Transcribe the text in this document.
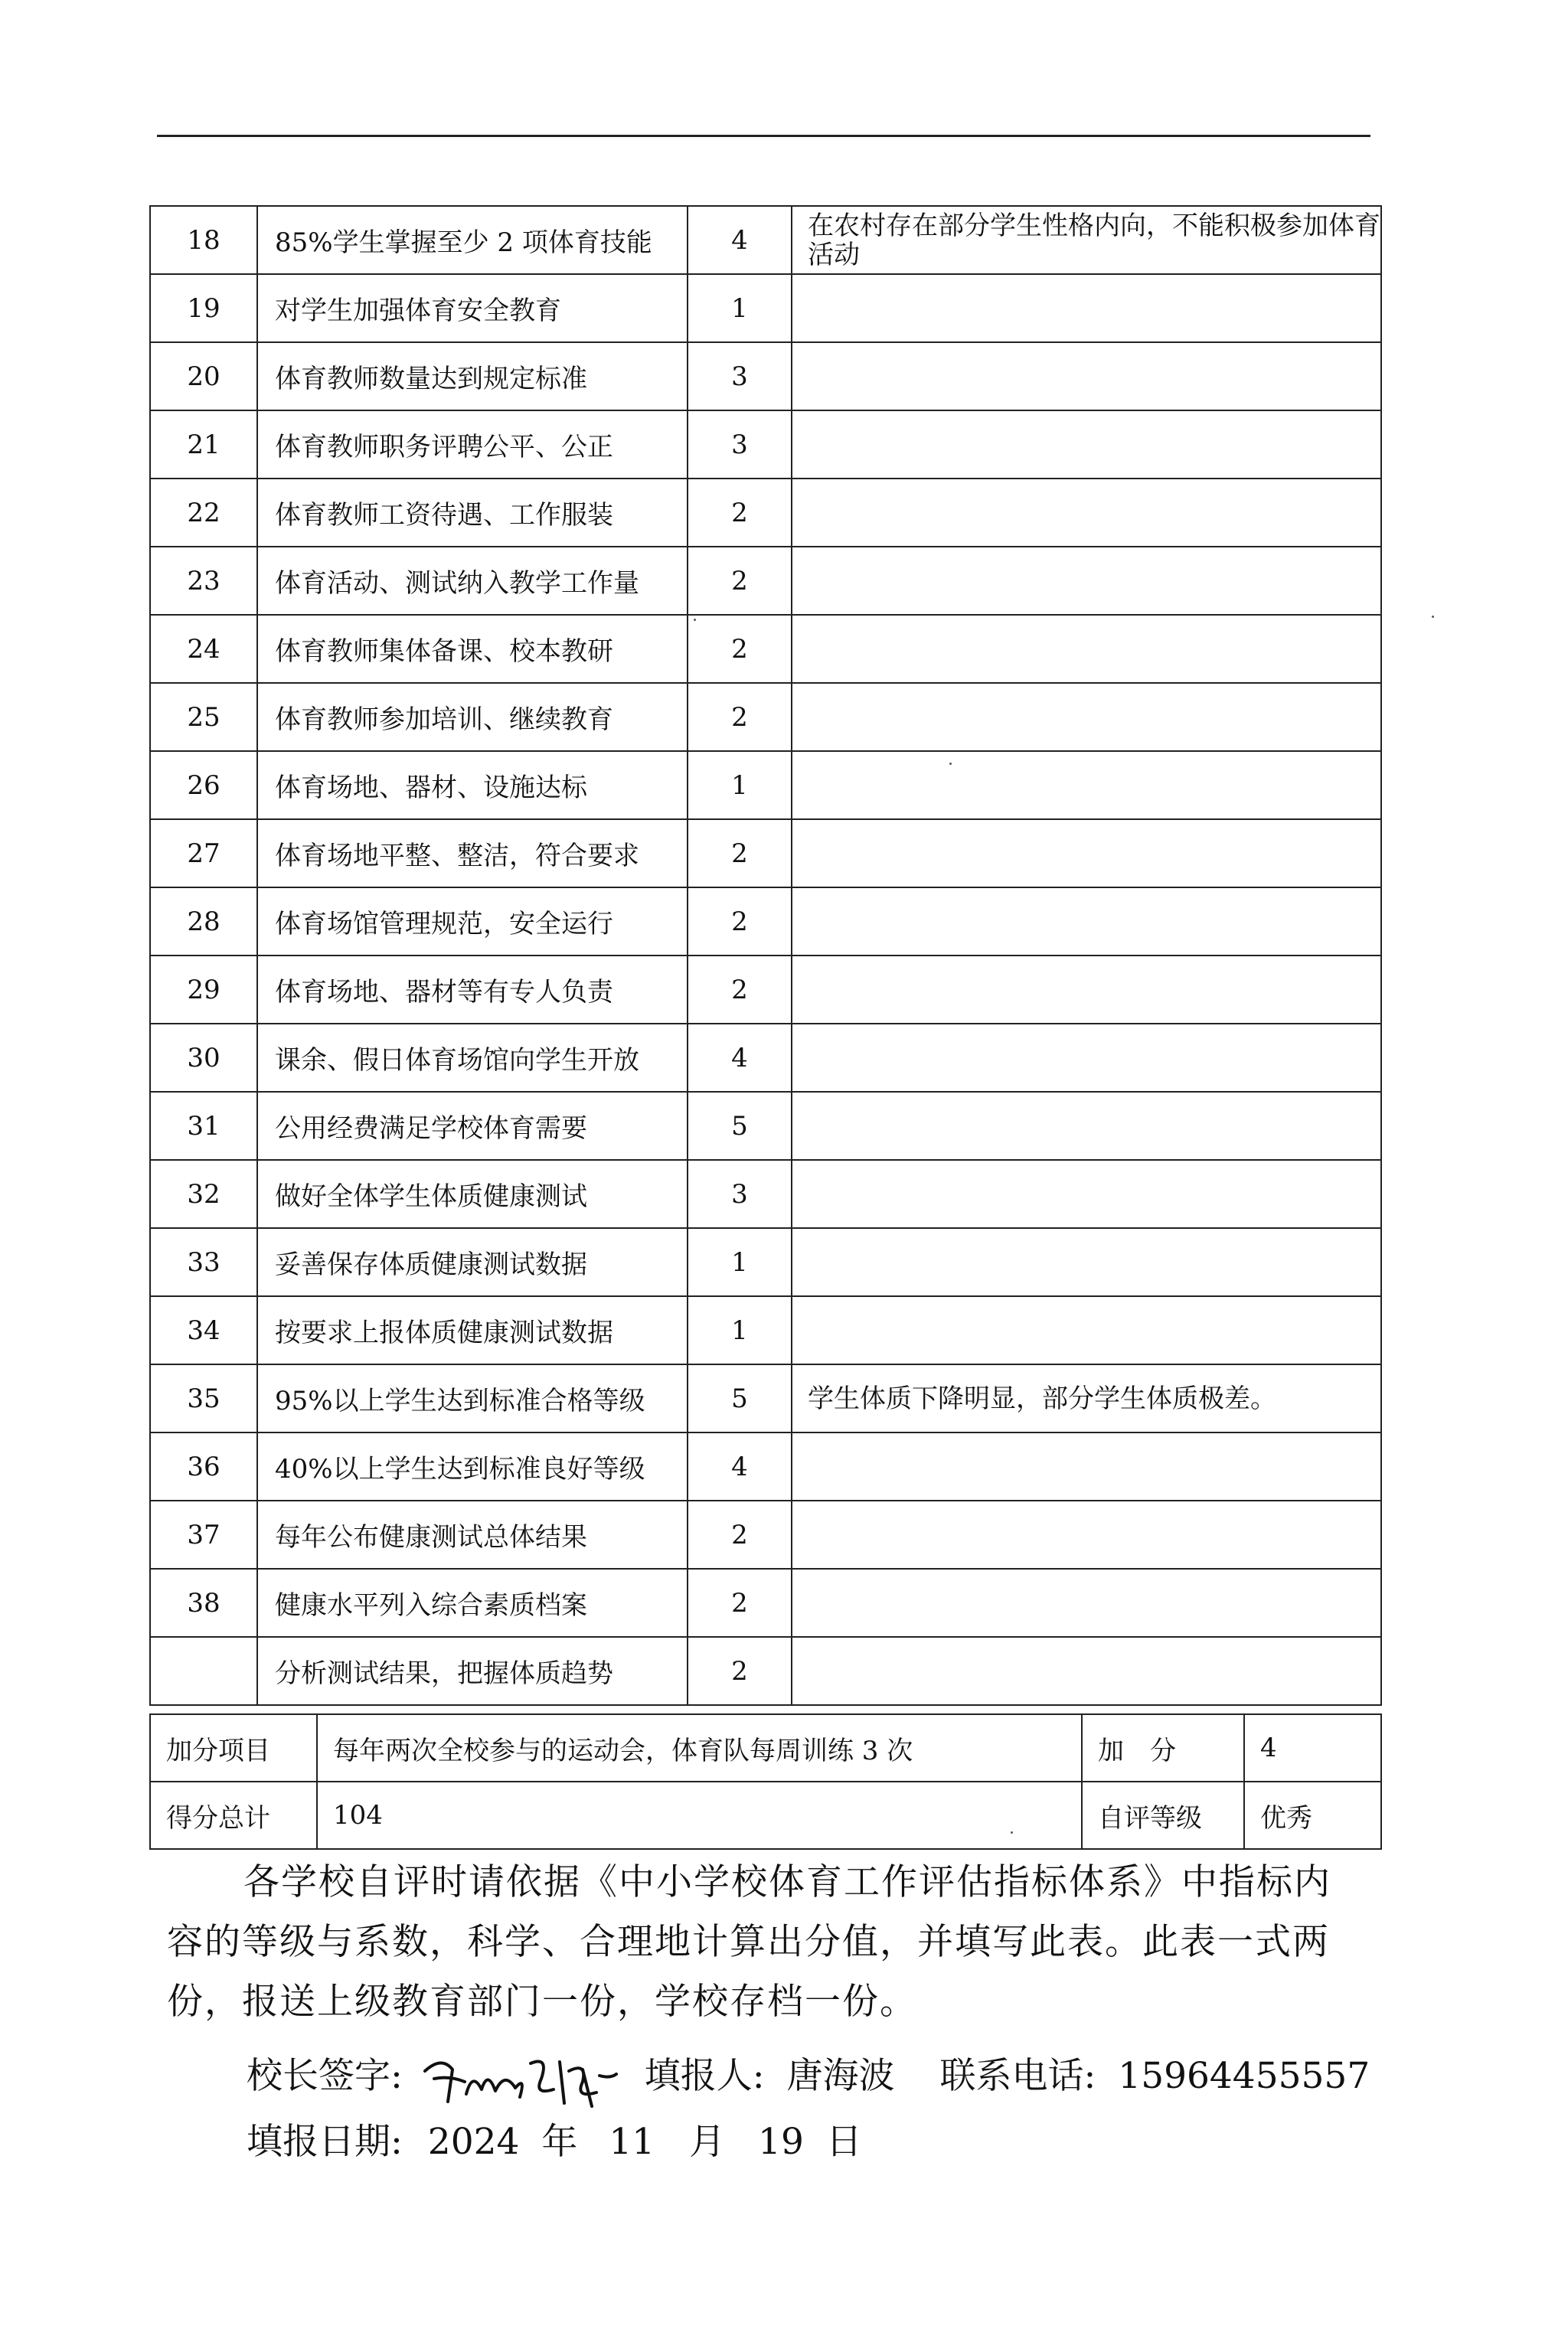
18	85%学生掌握至少 2 项体育技能	4	在农村存在部分学生性格内向，不能积极参加体育活动
19	对学生加强体育安全教育	1	
20	体育教师数量达到规定标准	3	
21	体育教师职务评聘公平、公正	3	
22	体育教师工资待遇、工作服装	2	
23	体育活动、测试纳入教学工作量	2	
24	体育教师集体备课、校本教研	2	
25	体育教师参加培训、继续教育	2	
26	体育场地、器材、设施达标	1	
27	体育场地平整、整洁，符合要求	2	
28	体育场馆管理规范，安全运行	2	
29	体育场地、器材等有专人负责	2	
30	课余、假日体育场馆向学生开放	4	
31	公用经费满足学校体育需要	5	
32	做好全体学生体质健康测试	3	
33	妥善保存体质健康测试数据	1	
34	按要求上报体质健康测试数据	1	
35	95%以上学生达到标准合格等级	5	学生体质下降明显，部分学生体质极差。
36	40%以上学生达到标准良好等级	4	
37	每年公布健康测试总体结果	2	
38	健康水平列入综合素质档案	2	
	分析测试结果，把握体质趋势	2	
加分项目	每年两次全校参与的运动会，体育队每周训练 3 次	加　分	4
得分总计	104	自评等级	优秀

各学校自评时请依据《中小学校体育工作评估指标体系》中指标内

容的等级与系数，科学、合理地计算出分值，并填写此表。此表一式两

份，报送上级教育部门一份，学校存档一份。

校长签字:	填报人: 唐海波 联系电话: 15964455557
填报日期: 2024 年 11 月 19 日
